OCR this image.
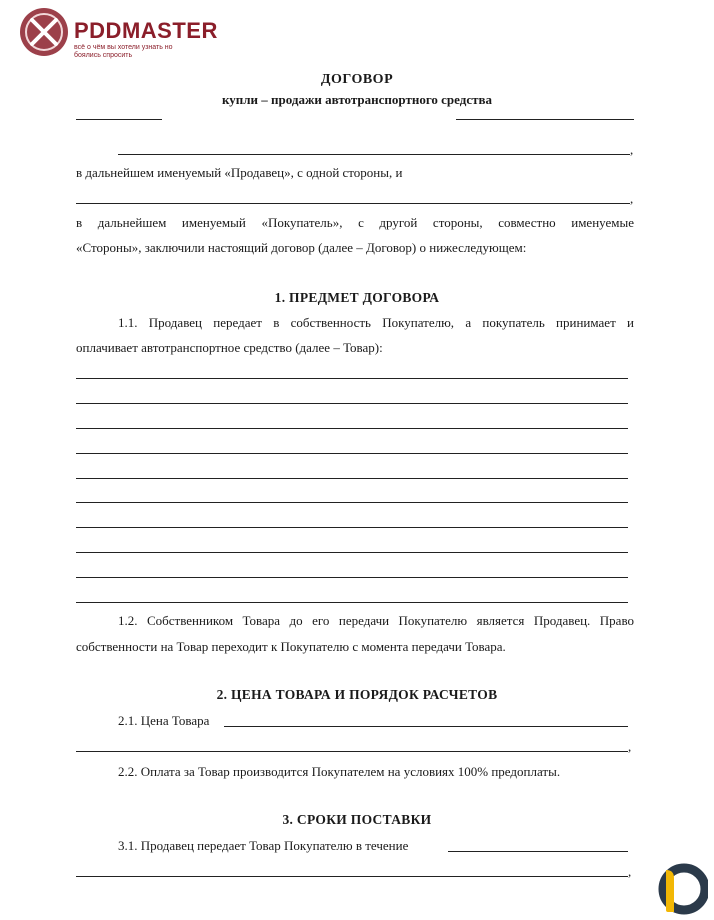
PDDMASTER
всё о чём вы хотели узнать но боялись спросить
ДОГОВОР
купли – продажи автотранспортного средства
,
в дальнейшем именуемый «Продавец», с одной стороны, и
,
в дальнейшем именуемый «Покупатель», с другой стороны, совместно именуемые
«Стороны», заключили настоящий договор (далее – Договор) о нижеследующем:
1. ПРЕДМЕТ ДОГОВОРА
1.1. Продавец передает в собственность Покупателю, а покупатель принимает и
оплачивает автотранспортное средство (далее – Товар):
1.2. Собственником Товара до его передачи Покупателю является Продавец. Право
собственности на Товар переходит к Покупателю с момента передачи Товара.
2. ЦЕНА ТОВАРА И ПОРЯДОК РАСЧЕТОВ
2.1. Цена Товара
,
2.2. Оплата за Товар производится Покупателем на условиях 100% предоплаты.
3. СРОКИ ПОСТАВКИ
3.1. Продавец передает Товар Покупателю в течение
,
